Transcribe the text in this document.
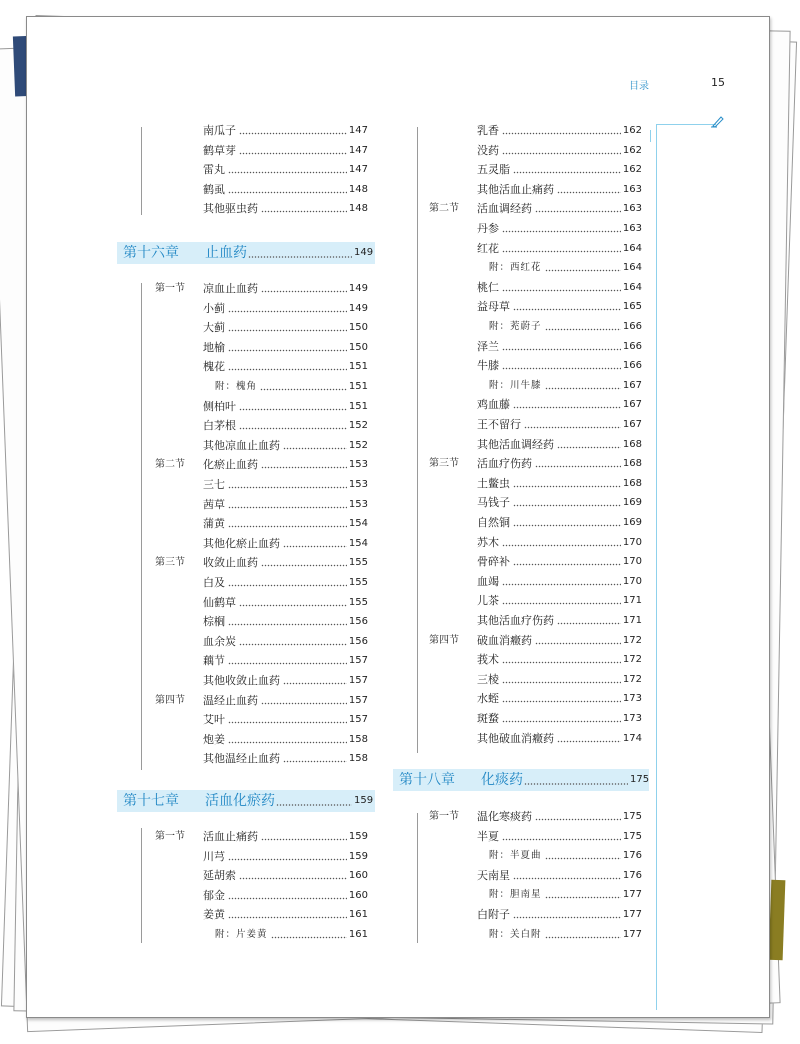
目录	15
南瓜子	147
鹤草芽	147
雷丸	147
鹤虱	148
其他驱虫药	148
第十六章 止血药	149
第一节	凉血止血药	149
小蓟	149
大蓟	150
地榆	150
槐花	151
附：槐角	151
侧柏叶	151
白茅根	152
其他凉血止血药	152
第二节	化瘀止血药	153
三七	153
茜草	153
蒲黄	154
其他化瘀止血药	154
第三节	收敛止血药	155
白及	155
仙鹤草	155
棕榈	156
血余炭	156
藕节	157
其他收敛止血药	157
第四节	温经止血药	157
艾叶	157
炮姜	158
其他温经止血药	158
第十七章 活血化瘀药	159
第一节	活血止痛药	159
川芎	159
延胡索	160
郁金	160
姜黄	161
附：片姜黄	161
乳香	162
没药	162
五灵脂	162
其他活血止痛药	163
第二节	活血调经药	163
丹参	163
红花	164
附：西红花	164
桃仁	164
益母草	165
附：茺蔚子	166
泽兰	166
牛膝	166
附：川牛膝	167
鸡血藤	167
王不留行	167
其他活血调经药	168
第三节	活血疗伤药	168
土鳖虫	168
马钱子	169
自然铜	169
苏木	170
骨碎补	170
血竭	170
儿茶	171
其他活血疗伤药	171
第四节	破血消癥药	172
莪术	172
三棱	172
水蛭	173
斑蝥	173
其他破血消癥药	174
第十八章 化痰药	175
第一节	温化寒痰药	175
半夏	175
附：半夏曲	176
天南星	176
附：胆南星	177
白附子	177
附：关白附	177
